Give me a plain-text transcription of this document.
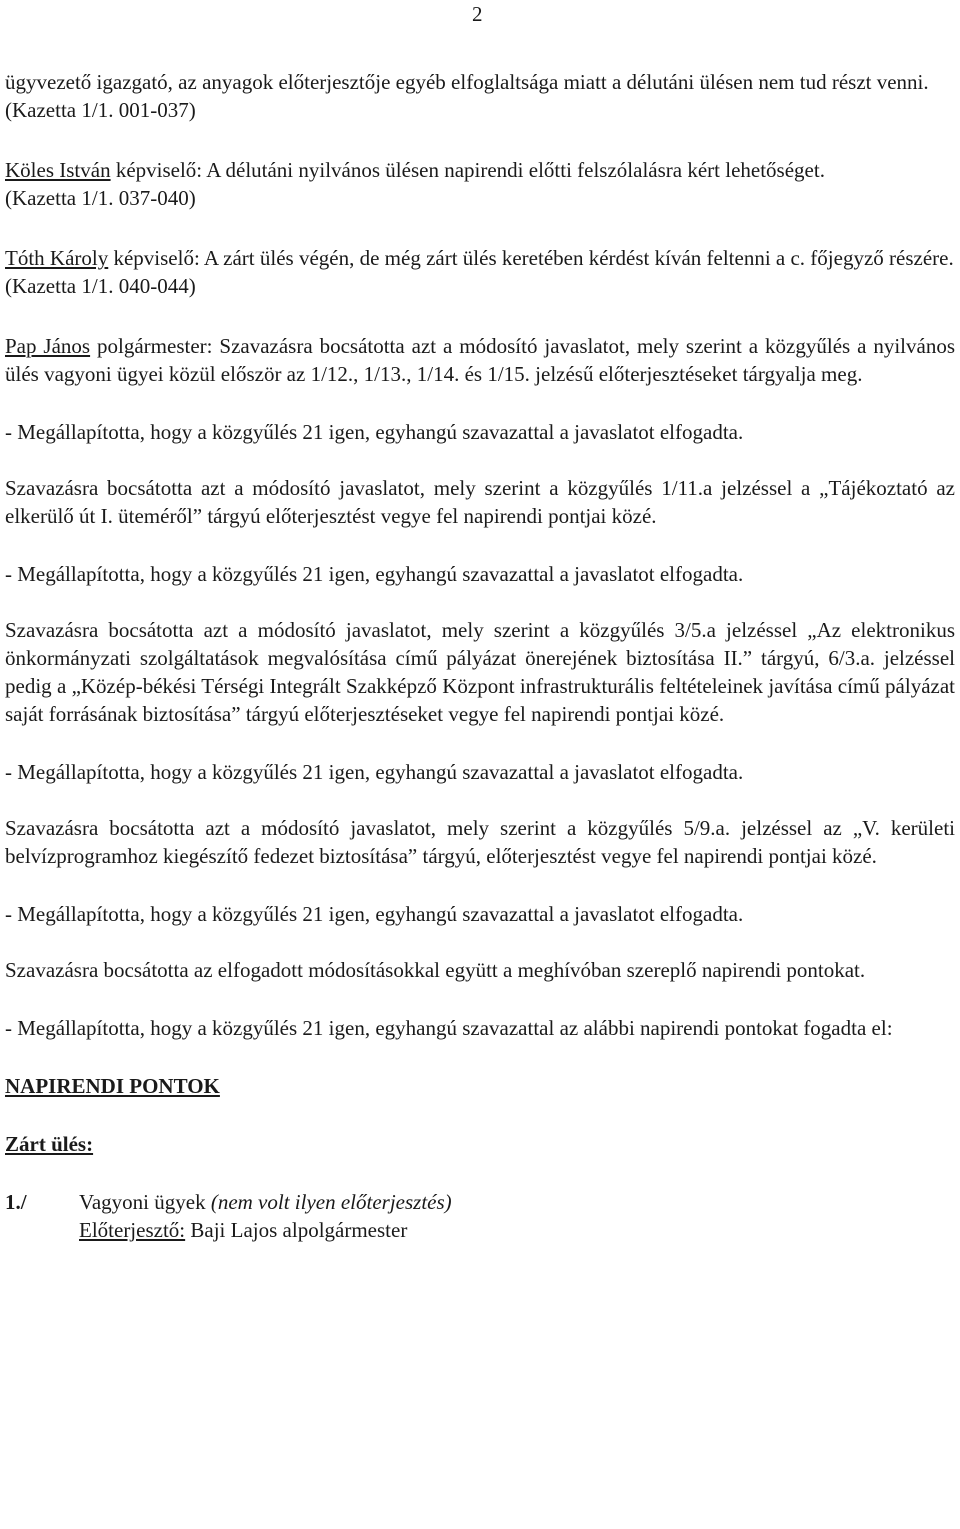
2

ügyvezető igazgató, az anyagok előterjesztője egyéb elfoglaltsága miatt a délutáni ülésen nem tud részt venni.
(Kazetta 1/1. 001-037)

Köles István képviselő: A délutáni nyilvános ülésen napirendi előtti felszólalásra kért lehetőséget.
(Kazetta 1/1. 037-040)

Tóth Károly képviselő: A zárt ülés végén, de még zárt ülés keretében kérdést kíván feltenni a c. főjegyző részére.
(Kazetta 1/1. 040-044)

Pap János polgármester: Szavazásra bocsátotta azt a módosító javaslatot, mely szerint a közgyűlés a nyilvános ülés vagyoni ügyei közül először az 1/12., 1/13., 1/14. és 1/15. jelzésű előterjesztéseket tárgyalja meg.

- Megállapította, hogy a közgyűlés 21 igen, egyhangú szavazattal a javaslatot elfogadta.

Szavazásra bocsátotta azt a módosító javaslatot, mely szerint a közgyűlés 1/11.a jelzéssel a „Tájékoztató az elkerülő út I. üteméről” tárgyú előterjesztést vegye fel napirendi pontjai közé.

- Megállapította, hogy a közgyűlés 21 igen, egyhangú szavazattal a javaslatot elfogadta.

Szavazásra bocsátotta azt a módosító javaslatot, mely szerint a közgyűlés 3/5.a jelzéssel „Az elektronikus önkormányzati szolgáltatások megvalósítása című pályázat önerejének biztosítása II.” tárgyú, 6/3.a. jelzéssel pedig a „Közép-békési Térségi Integrált Szakképző Központ infrastrukturális feltételeinek javítása című pályázat saját forrásának biztosítása” tárgyú előterjesztéseket vegye fel napirendi pontjai közé.

- Megállapította, hogy a közgyűlés 21 igen, egyhangú szavazattal a javaslatot elfogadta.

Szavazásra bocsátotta azt a módosító javaslatot, mely szerint a közgyűlés 5/9.a. jelzéssel az „V. kerületi belvízprogramhoz kiegészítő fedezet biztosítása” tárgyú, előterjesztést vegye fel napirendi pontjai közé.

- Megállapította, hogy a közgyűlés 21 igen, egyhangú szavazattal a javaslatot elfogadta.

Szavazásra bocsátotta az elfogadott módosításokkal együtt a meghívóban szereplő napirendi pontokat.

- Megállapította, hogy a közgyűlés 21 igen, egyhangú szavazattal az alábbi napirendi pontokat fogadta el:

NAPIRENDI PONTOK
Zárt ülés:
1./	Vagyoni ügyek (nem volt ilyen előterjesztés)
Előterjesztő: Baji Lajos alpolgármester
